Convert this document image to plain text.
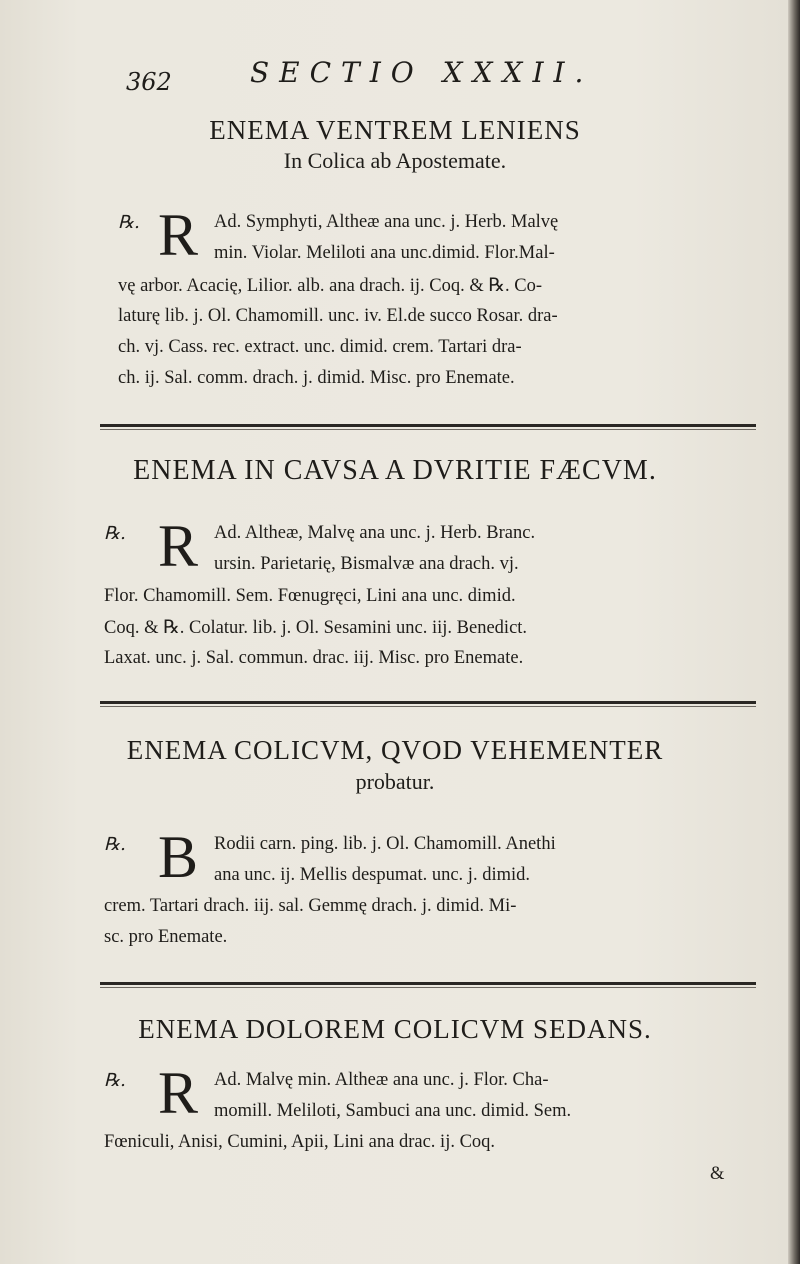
362	SECTIO XXXII.
ENEMA VENTREM LENIENS
In Colica ab Apostemate.
℞. R Ad. Symphyti, Altheæ ana unc. j. Herb. Malvę
min. Violar. Meliloti ana unc.dimid. Flor.Mal-
vę arbor. Acacię, Lilior. alb. ana drach. ij. Coq. & ℞. Co-
laturę lib. j. Ol. Chamomill. unc. iv. El.de succo Rosar. dra-
ch. vj. Cass. rec. extract. unc. dimid. crem. Tartari dra-
ch. ij. Sal. comm. drach. j. dimid. Misc. pro Enemate.
ENEMA IN CAVSA A DVRITIE FÆCVM.
℞. R Ad. Altheæ, Malvę ana unc. j. Herb. Branc.
ursin. Parietarię, Bismalvæ ana drach. vj.
Flor. Chamomill. Sem. Fœnugręci, Lini ana unc. dimid.
Coq. & ℞. Colatur. lib. j. Ol. Sesamini unc. iij. Benedict.
Laxat. unc. j. Sal. commun. drac. iij. Misc. pro Enemate.
ENEMA COLICVM, QVOD VEHEMENTER
probatur.
℞. B Rodii carn. ping. lib. j. Ol. Chamomill. Anethi
ana unc. ij. Mellis despumat. unc. j. dimid.
crem. Tartari drach. iij. sal. Gemmę drach. j. dimid. Mi-
sc. pro Enemate.
ENEMA DOLOREM COLICVM SEDANS.
℞. R Ad. Malvę min. Altheæ ana unc. j. Flor. Cha-
momill. Meliloti, Sambuci ana unc. dimid. Sem.
Fœniculi, Anisi, Cumini, Apii, Lini ana drac. ij. Coq.
&
